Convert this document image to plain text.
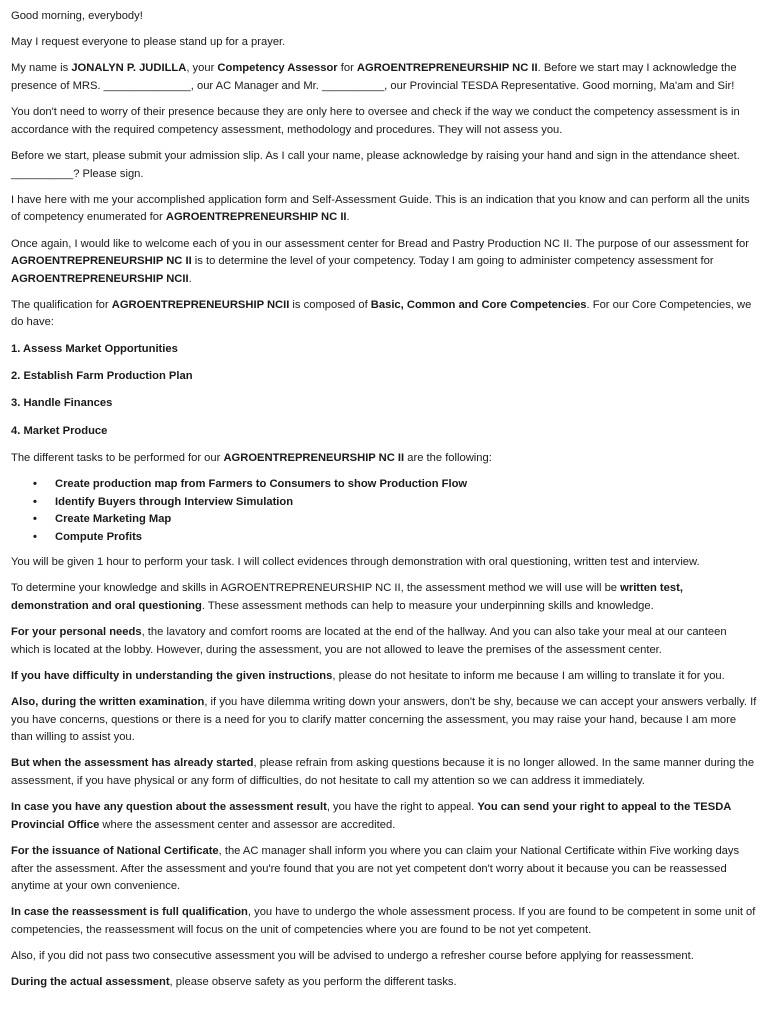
Good morning, everybody!

May I request everyone to please stand up for a prayer.

My name is JONALYN P. JUDILLA, your Competency Assessor for AGROENTREPRENEURSHIP NC II. Before we start may I acknowledge the presence of MRS. ______________, our AC Manager and Mr. __________, our Provincial TESDA Representative. Good morning, Ma'am and Sir!

You don't need to worry of their presence because they are only here to oversee and check if the way we conduct the competency assessment is in accordance with the required competency assessment, methodology and procedures. They will not assess you.

Before we start, please submit your admission slip. As I call your name, please acknowledge by raising your hand and sign in the attendance sheet. __________? Please sign.

I have here with me your accomplished application form and Self-Assessment Guide. This is an indication that you know and can perform all the units of competency enumerated for AGROENTREPRENEURSHIP NC II.

Once again, I would like to welcome each of you in our assessment center for Bread and Pastry Production NC II. The purpose of our assessment for AGROENTREPRENEURSHIP NC II is to determine the level of your competency. Today I am going to administer competency assessment for AGROENTREPRENEURSHIP NCII.

The qualification for AGROENTREPRENEURSHIP NCII is composed of Basic, Common and Core Competencies. For our Core Competencies, we do have:

1. Assess Market Opportunities

2. Establish Farm Production Plan

3. Handle Finances

4. Market Produce

The different tasks to be performed for our AGROENTREPRENEURSHIP NC II are the following:

• Create production map from Farmers to Consumers to show Production Flow
• Identify Buyers through Interview Simulation
• Create Marketing Map
• Compute Profits

You will be given 1 hour to perform your task. I will collect evidences through demonstration with oral questioning, written test and interview.

To determine your knowledge and skills in AGROENTREPRENEURSHIP NC II, the assessment method we will use will be written test, demonstration and oral questioning. These assessment methods can help to measure your underpinning skills and knowledge.

For your personal needs, the lavatory and comfort rooms are located at the end of the hallway. And you can also take your meal at our canteen which is located at the lobby. However, during the assessment, you are not allowed to leave the premises of the assessment center.

If you have difficulty in understanding the given instructions, please do not hesitate to inform me because I am willing to translate it for you.

Also, during the written examination, if you have dilemma writing down your answers, don't be shy, because we can accept your answers verbally. If you have concerns, questions or there is a need for you to clarify matter concerning the assessment, you may raise your hand, because I am more than willing to assist you.

But when the assessment has already started, please refrain from asking questions because it is no longer allowed. In the same manner during the assessment, if you have physical or any form of difficulties, do not hesitate to call my attention so we can address it immediately.

In case you have any question about the assessment result, you have the right to appeal. You can send your right to appeal to the TESDA Provincial Office where the assessment center and assessor are accredited.

For the issuance of National Certificate, the AC manager shall inform you where you can claim your National Certificate within Five working days after the assessment. After the assessment and you're found that you are not yet competent don't worry about it because you can be reassessed anytime at your own convenience.

In case the reassessment is full qualification, you have to undergo the whole assessment process. If you are found to be competent in some unit of competencies, the reassessment will focus on the unit of competencies where you are found to be not yet competent.

Also, if you did not pass two consecutive assessment you will be advised to undergo a refresher course before applying for reassessment.

During the actual assessment, please observe safety as you perform the different tasks.
